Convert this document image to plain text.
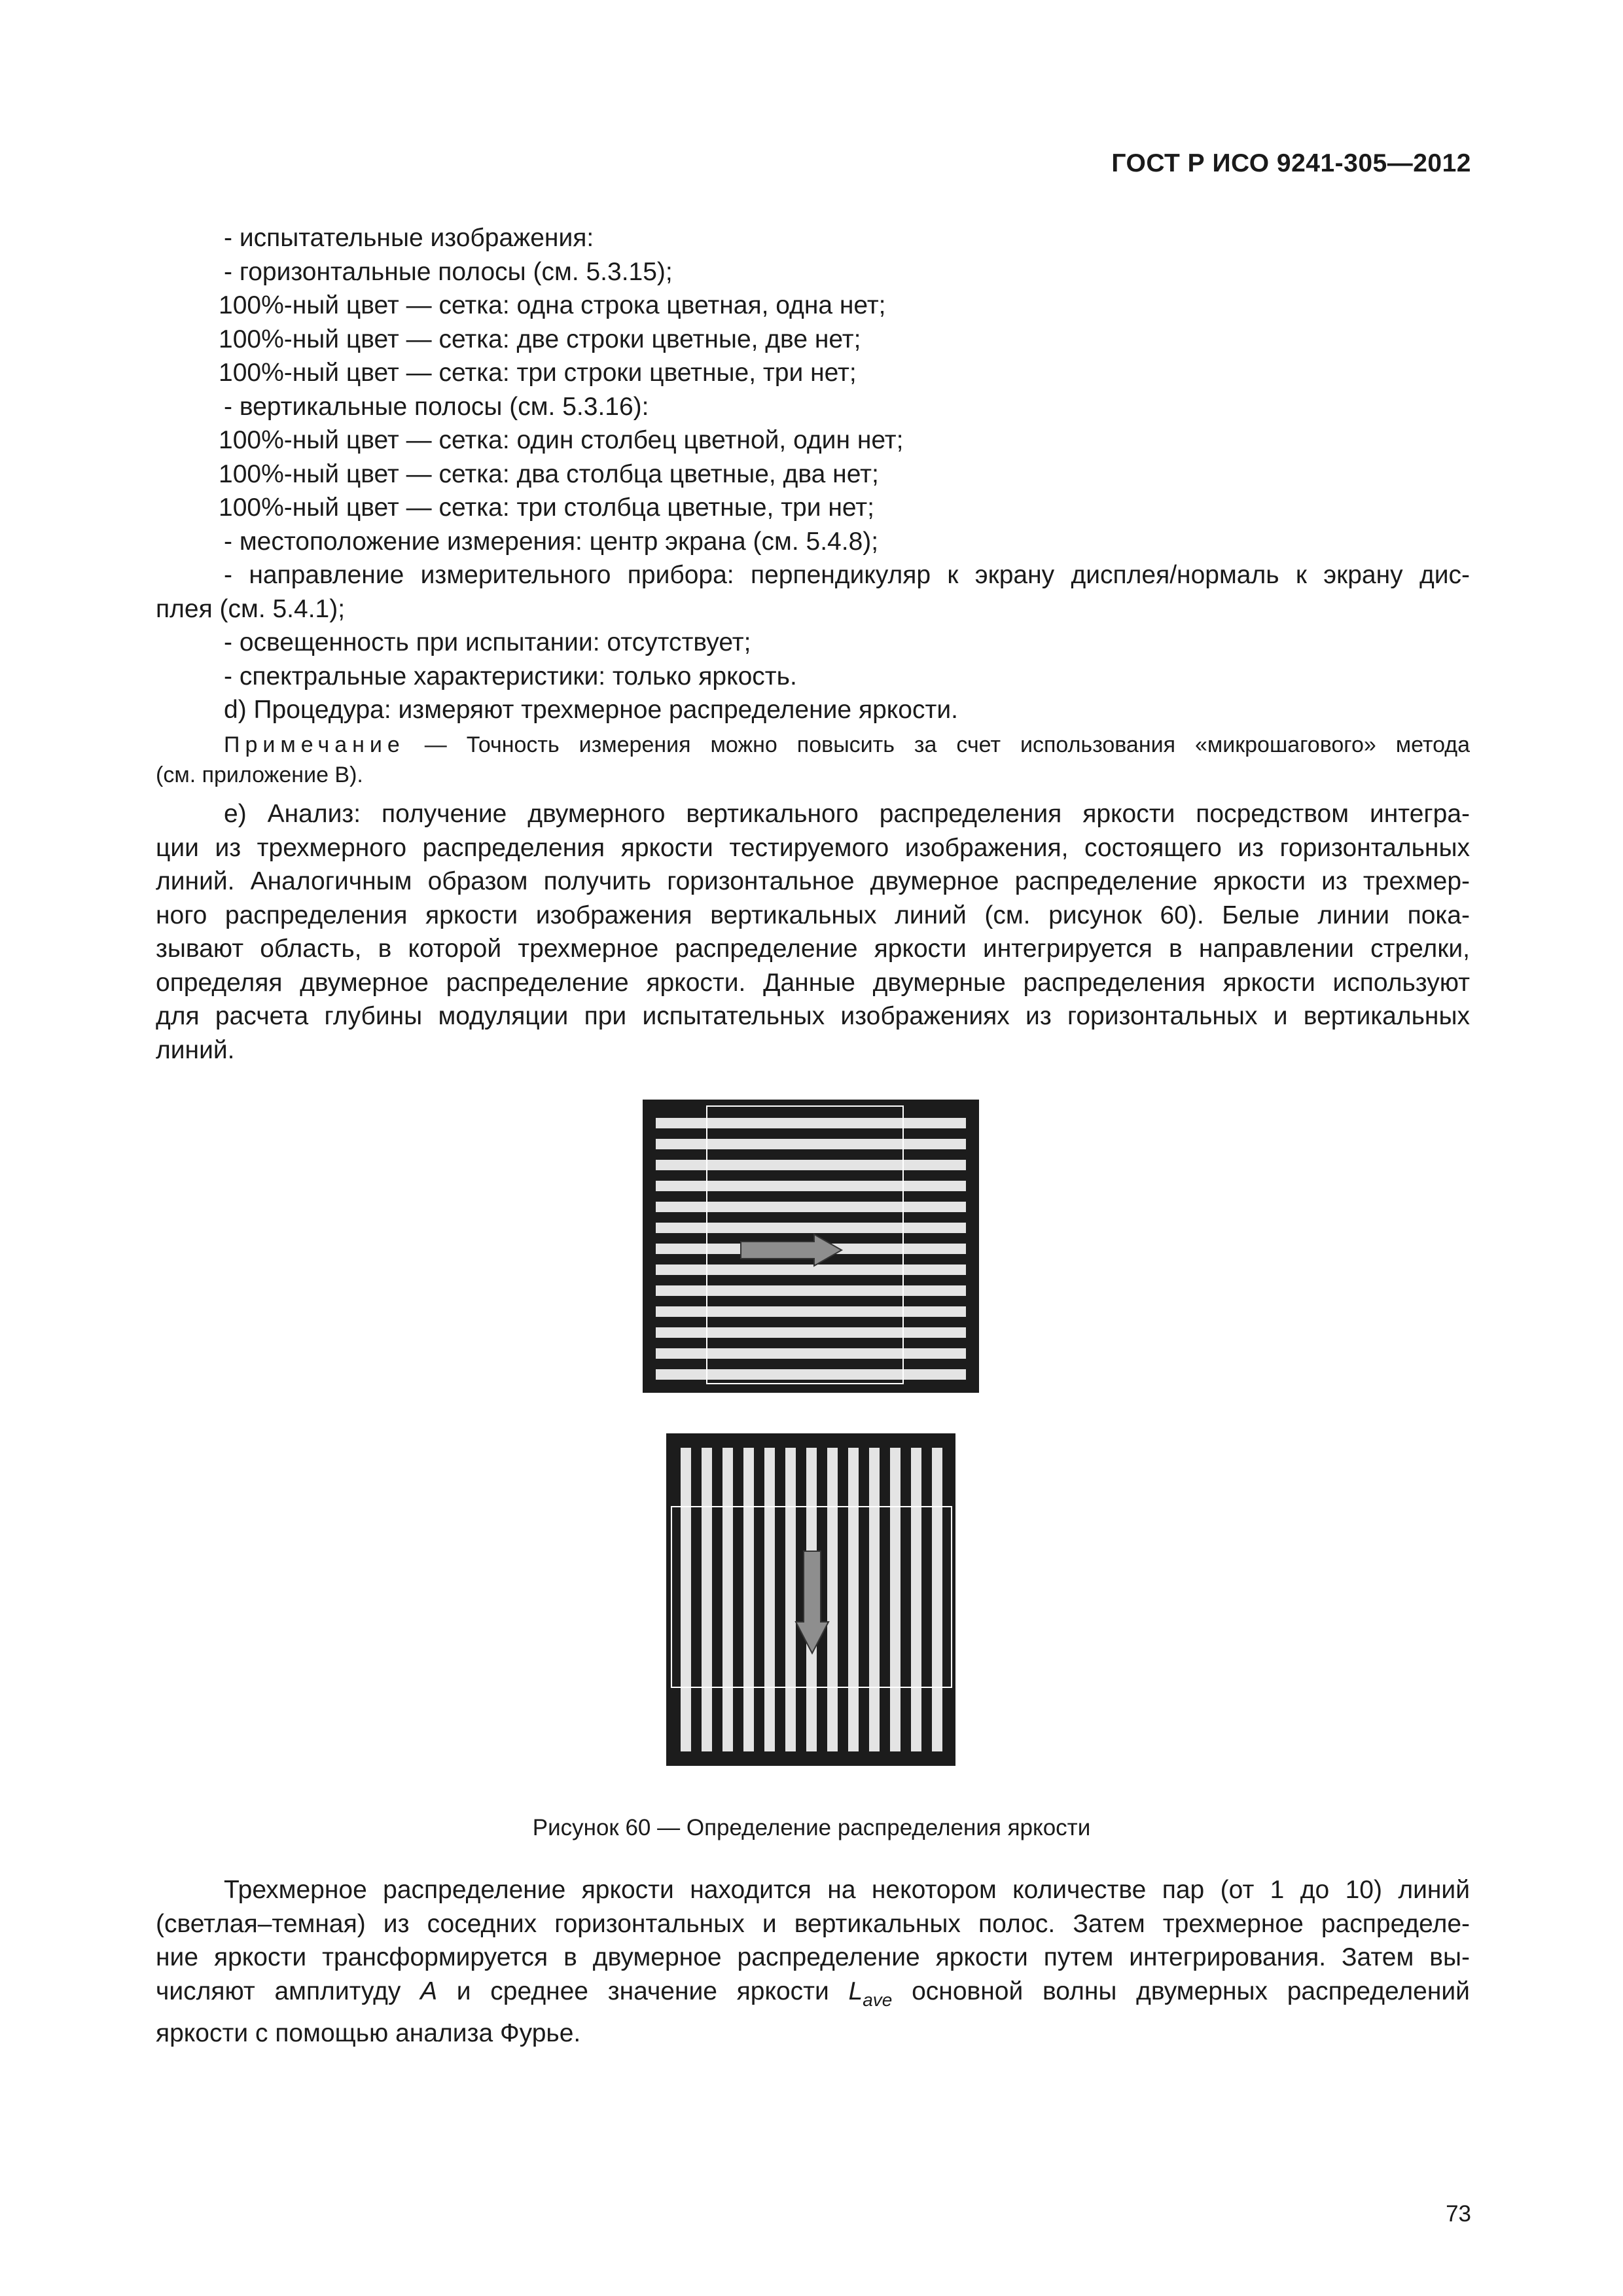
ГОСТ Р ИСО 9241-305—2012
- испытательные изображения:
- горизонтальные полосы (см. 5.3.15);
100%-ный цвет — сетка: одна строка цветная, одна нет;
100%-ный цвет — сетка: две строки цветные, две нет;
100%-ный цвет — сетка: три строки цветные, три нет;
- вертикальные полосы (см. 5.3.16):
100%-ный цвет — сетка: один столбец цветной, один нет;
100%-ный цвет — сетка: два столбца цветные, два нет;
100%-ный цвет — сетка: три столбца цветные, три нет;
- местоположение измерения: центр экрана (см. 5.4.8);
- направление измерительного прибора: перпендикуляр к экрану дисплея/нормаль к экрану дис-
плея (см. 5.4.1);
- освещенность при испытании: отсутствует;
- спектральные характеристики: только яркость.
d) Процедура: измеряют трехмерное распределение яркости.
Примечание — Точность измерения можно повысить за счет использования «микрошагового» метода
(см. приложение В).
е) Анализ: получение двумерного вертикального распределения яркости посредством интегра-
ции из трехмерного распределения яркости тестируемого изображения, состоящего из горизонтальных
линий. Аналогичным образом получить горизонтальное двумерное распределение яркости из трехмер-
ного распределения яркости изображения вертикальных линий (см. рисунок 60). Белые линии пока-
зывают область, в которой трехмерное распределение яркости интегрируется в направлении стрелки,
определяя двумерное распределение яркости. Данные двумерные распределения яркости используют
для расчета глубины модуляции при испытательных изображениях из горизонтальных и вертикальных
линий.
Рисунок 60 — Определение распределения яркости
Трехмерное распределение яркости находится на некотором количестве пар (от 1 до 10) линий
(светлая–темная) из соседних горизонтальных и вертикальных полос. Затем трехмерное распределе-
ние яркости трансформируется в двумерное распределение яркости путем интегрирования. Затем вы-
числяют амплитуду A и среднее значение яркости $L_{ave}$ основной волны двумерных распределений
яркости с помощью анализа Фурье.
73
